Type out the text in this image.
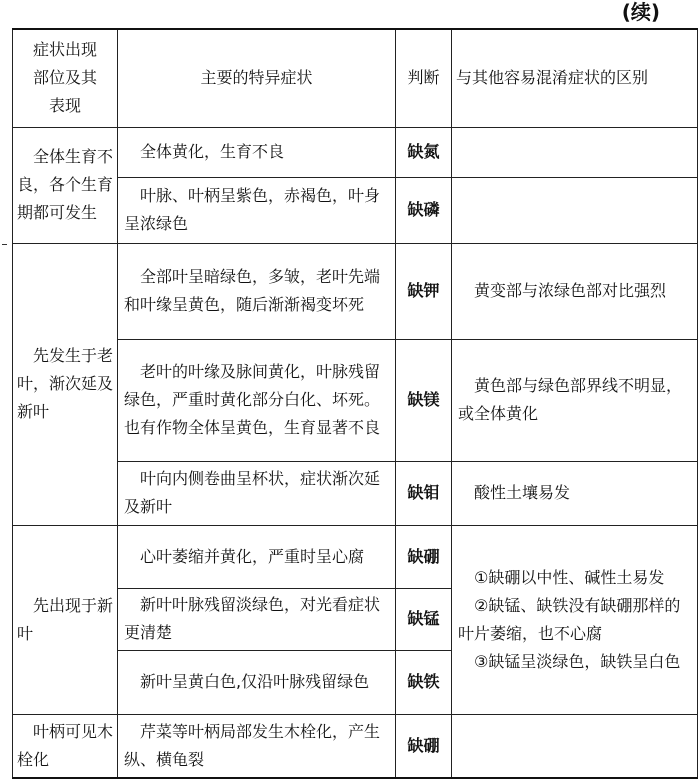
(续)
症状出现部位及其表现	主要的特异症状	判断	与其他容易混淆症状的区别
全体生育不良，各个生育期都可发生	全体黄化，生育不良	缺氮	
	叶脉、叶柄呈紫色，赤褐色，叶身呈浓绿色	缺磷	
先发生于老叶，渐次延及新叶	全部叶呈暗绿色，多皱，老叶先端和叶缘呈黄色，随后渐渐褐变坏死	缺钾	黄变部与浓绿色部对比强烈
	老叶的叶缘及脉间黄化，叶脉残留绿色，严重时黄化部分白化、坏死。也有作物全体呈黄色，生育显著不良	缺镁	黄色部与绿色部界线不明显，或全体黄化
	叶向内侧卷曲呈杯状，症状渐次延及新叶	缺钼	酸性土壤易发
先出现于新叶	心叶萎缩并黄化，严重时呈心腐	缺硼	①缺硼以中性、碱性土易发
②缺锰、缺铁没有缺硼那样的叶片萎缩，也不心腐
③缺锰呈淡绿色，缺铁呈白色

	新叶叶脉残留淡绿色，对光看症状更清楚	缺锰	
	新叶呈黄白色,仅沿叶脉残留绿色	缺铁	
叶柄可见木栓化	芹菜等叶柄局部发生木栓化，产生纵、横龟裂	缺硼	
